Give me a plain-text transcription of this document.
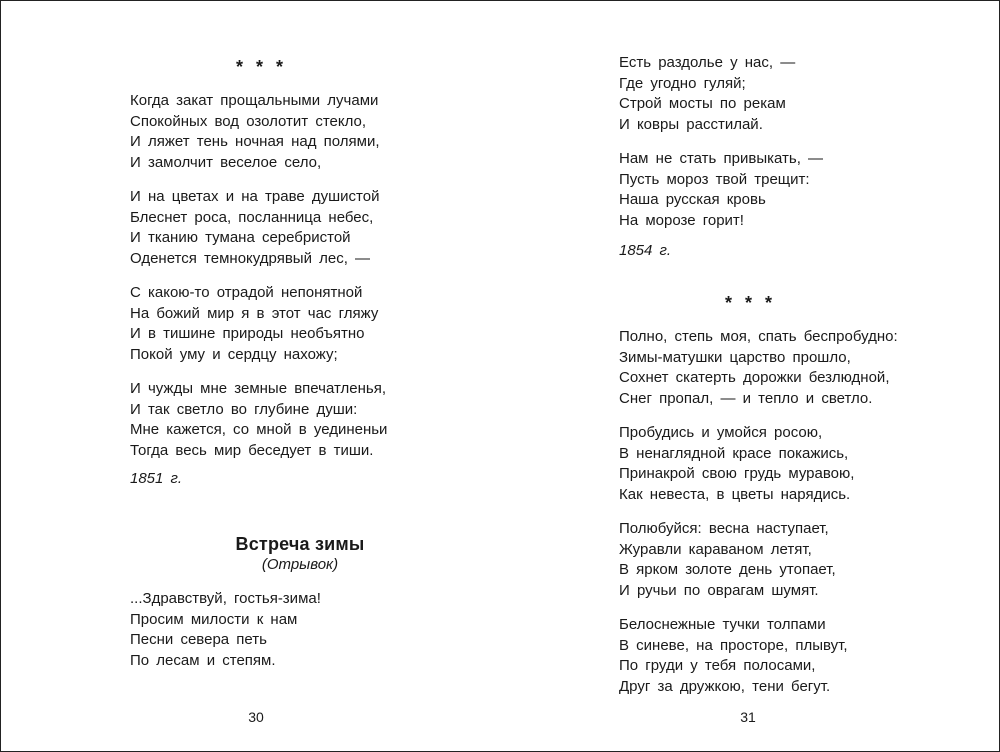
* * *
Когда закат прощальными лучами
Спокойных вод озолотит стекло,
И ляжет тень ночная над полями,
И замолчит веселое село,
И на цветах и на траве душистой
Блеснет роса, посланница небес,
И тканию тумана серебристой
Оденется темнокудрявый лес, —
С какою-то отрадой непонятной
На божий мир я в этот час гляжу
И в тишине природы необъятно
Покой уму и сердцу нахожу;
И чужды мне земные впечатленья,
И так светло во глубине души:
Мне кажется, со мной в уединеньи
Тогда весь мир беседует в тиши.
1851 г.
Встреча зимы
(Отрывок)
...Здравствуй, гостья-зима!
Просим милости к нам
Песни севера петь
По лесам и степям.
30
Есть раздолье у нас, —
Где угодно гуляй;
Строй мосты по рекам
И ковры расстилай.
Нам не стать привыкать, —
Пусть мороз твой трещит:
Наша русская кровь
На морозе горит!
1854 г.
* * *
Полно, степь моя, спать беспробудно:
Зимы-матушки царство прошло,
Сохнет скатерть дорожки безлюдной,
Снег пропал, — и тепло и светло.
Пробудись и умойся росою,
В ненаглядной красе покажись,
Принакрой свою грудь муравою,
Как невеста, в цветы нарядись.
Полюбуйся: весна наступает,
Журавли караваном летят,
В ярком золоте день утопает,
И ручьи по оврагам шумят.
Белоснежные тучки толпами
В синеве, на просторе, плывут,
По груди у тебя полосами,
Друг за дружкою, тени бегут.
31
